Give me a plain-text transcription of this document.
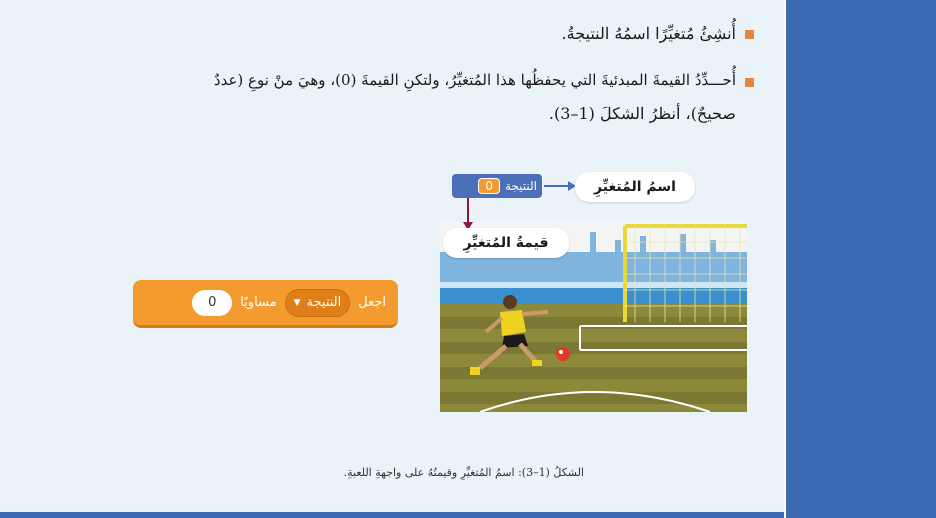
أُنشِئُ مُتغيِّرًا اسمُهُ النتيجةُ.
أُحـــدِّدُ القيمةَ المبدئيةَ التي يحفظُها هذا المُتغيِّرُ، ولتكنِ القيمةَ (0)، وهيَ منْ نوعِ (عددٌ
صحيحٌ)، أنظرُ الشكلَ (1–3).
اجعل
النتيجة
▼
مساويًا
0
النتيجة
0	اسمُ المُتغيِّرِ
قيمةُ المُتغيِّرِ
الشكلُ (1–3): اسمُ المُتغيِّرِ وقيمتُهُ على واجهةِ اللعبةِ.
